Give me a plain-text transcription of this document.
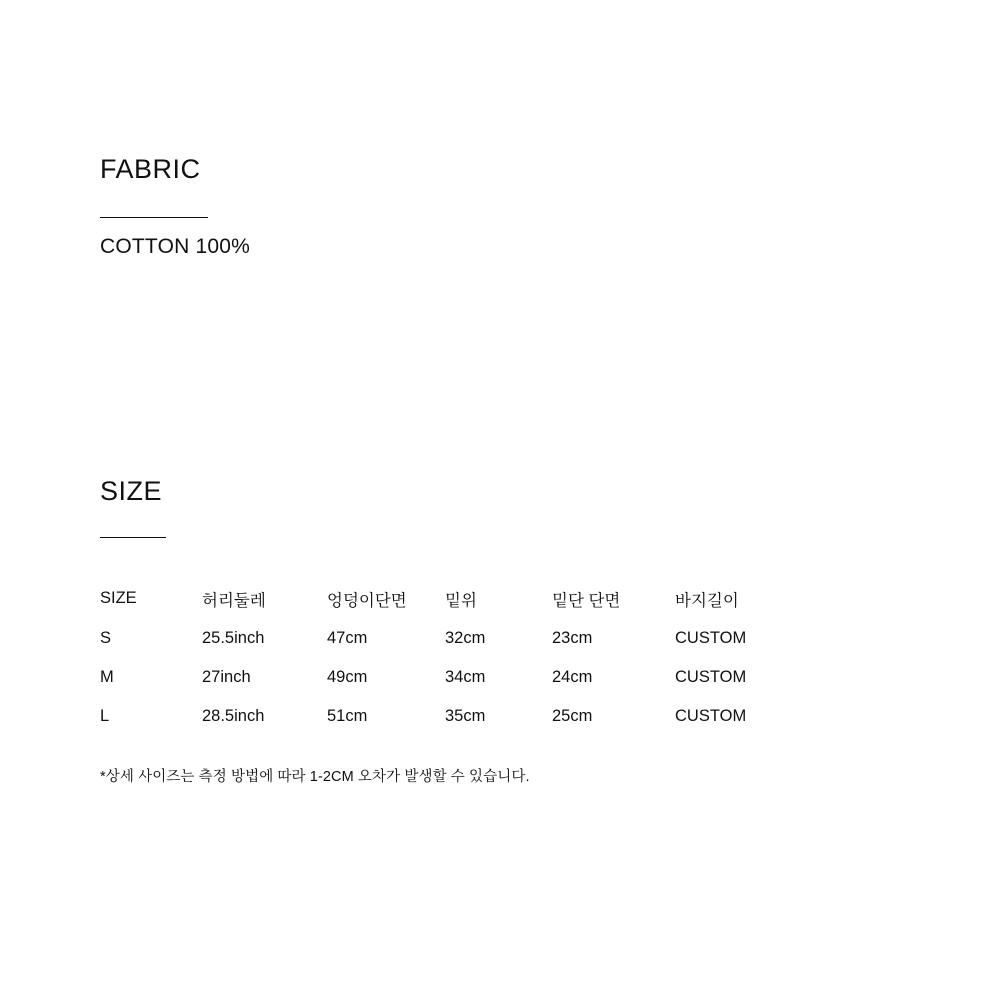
FABRIC
COTTON 100%
SIZE
SIZE	허리둘레	엉덩이단면	밑위	밑단 단면	바지길이
S	25.5inch	47cm	32cm	23cm	CUSTOM
M	27inch	49cm	34cm	24cm	CUSTOM
L	28.5inch	51cm	35cm	25cm	CUSTOM
*상세 사이즈는 측정 방법에 따라 1-2CM 오차가 발생할 수 있습니다.
